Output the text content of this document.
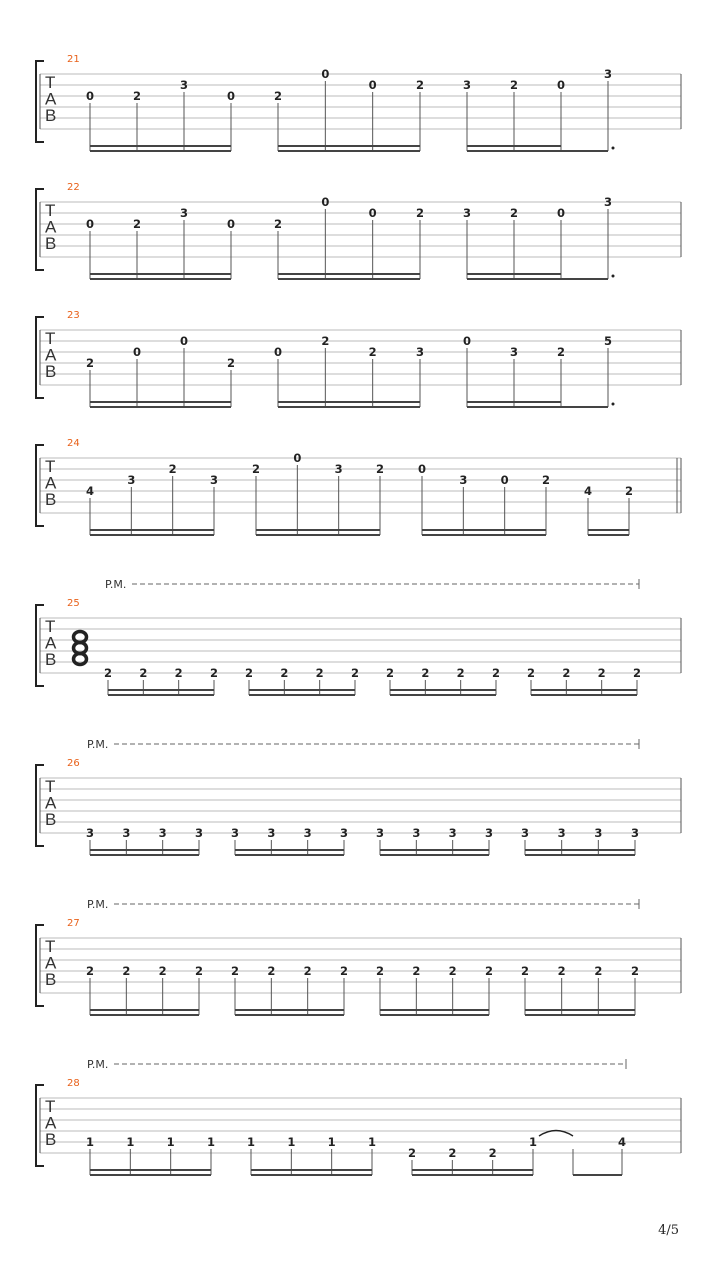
21
T
A
B
0	2
3
0	2
0
0	2	3	2	0
3
22
T
A
B
0	2
3
0	2
0
0	2	3	2	0
3
23
T
A
B	2
0
0
2
0
2
2	3
0
3	2
5
24
T
A
B	4
3
2
3
2
0
3	2	0
3	0	2
4	2
P.M.
25
T
A
B
2 2 2 2 2 2 2 2 2 2 2 2 2 2 2 2
P.M.
26
T
A
B
3 3 3 3 3 3 3 3 3 3 3 3 3 3 3 3
P.M.
27
T
A
B	2 2 2 2 2 2 2 2 2 2 2 2 2 2 2 2
P.M.
28
T
A
B	1	1	1	1	1	1	1	1
2	2	2
1	4
4/5
